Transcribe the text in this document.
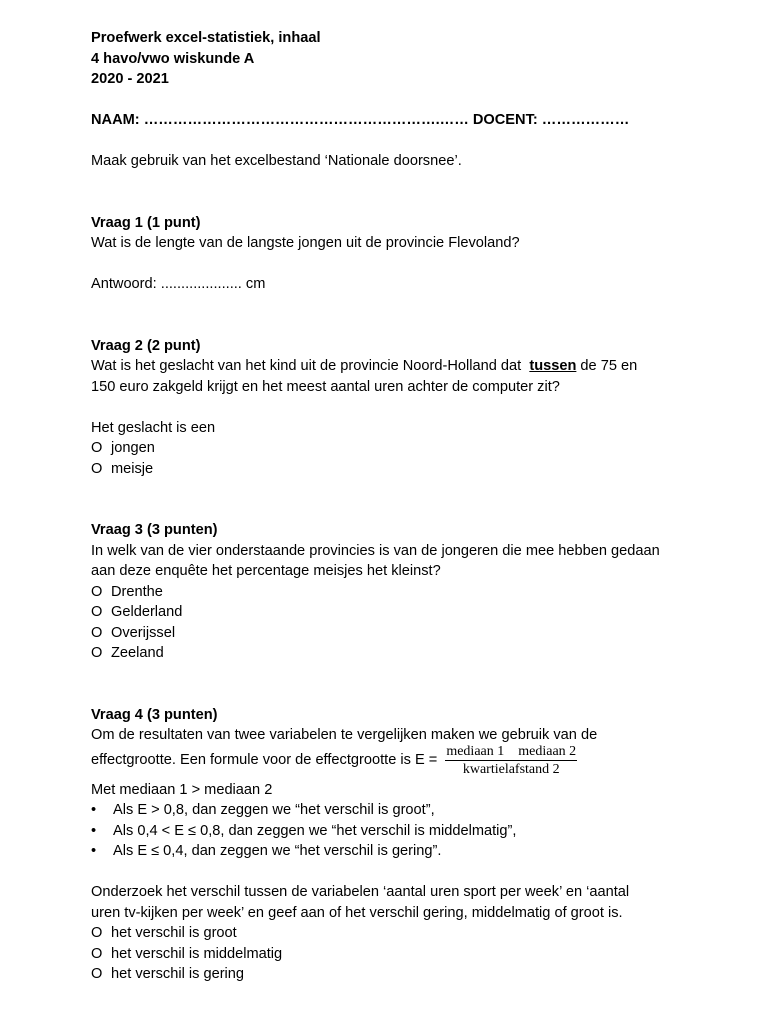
Proefwerk excel-statistiek, inhaal

4 havo/vwo wiskunde A

2020 - 2021

NAAM: …………………………………………………….…… DOCENT: ………………

Maak gebruik van het excelbestand ‘Nationale doorsnee’.

Vraag 1 (1 punt)

Wat is de lengte van de langste jongen uit de provincie Flevoland?

Antwoord: .................... cm

Vraag 2 (2 punt)

Wat is het geslacht van het kind uit de provincie Noord-Holland dat  tussen de 75 en

150 euro zakgeld krijgt en het meest aantal uren achter de computer zit?

Het geslacht is een

O jongen
O meisje

Vraag 3 (3 punten)

In welk van de vier onderstaande provincies is van de jongeren die mee hebben gedaan

aan deze enquête het percentage meisjes het kleinst?

O Drenthe
O Gelderland
O Overijssel
O Zeeland

Vraag 4 (3 punten)

Om de resultaten van twee variabelen te vergelijken maken we gebruik van de

effectgrootte. Een formule voor de effectgrootte is $E = \frac{\text{mediaan 1    mediaan 2}}{\text{kwartielafstand 2}}$

Met mediaan 1 > mediaan 2

•	Als E > 0,8, dan zeggen we “het verschil is groot”,
•	Als 0,4 < E ≤ 0,8, dan zeggen we “het verschil is middelmatig”,
•	Als E ≤ 0,4, dan zeggen we “het verschil is gering”.

Onderzoek het verschil tussen de variabelen ‘aantal uren sport per week’ en ‘aantal

uren tv-kijken per week’ en geef aan of het verschil gering, middelmatig of groot is.

O het verschil is groot
O het verschil is middelmatig
O het verschil is gering
